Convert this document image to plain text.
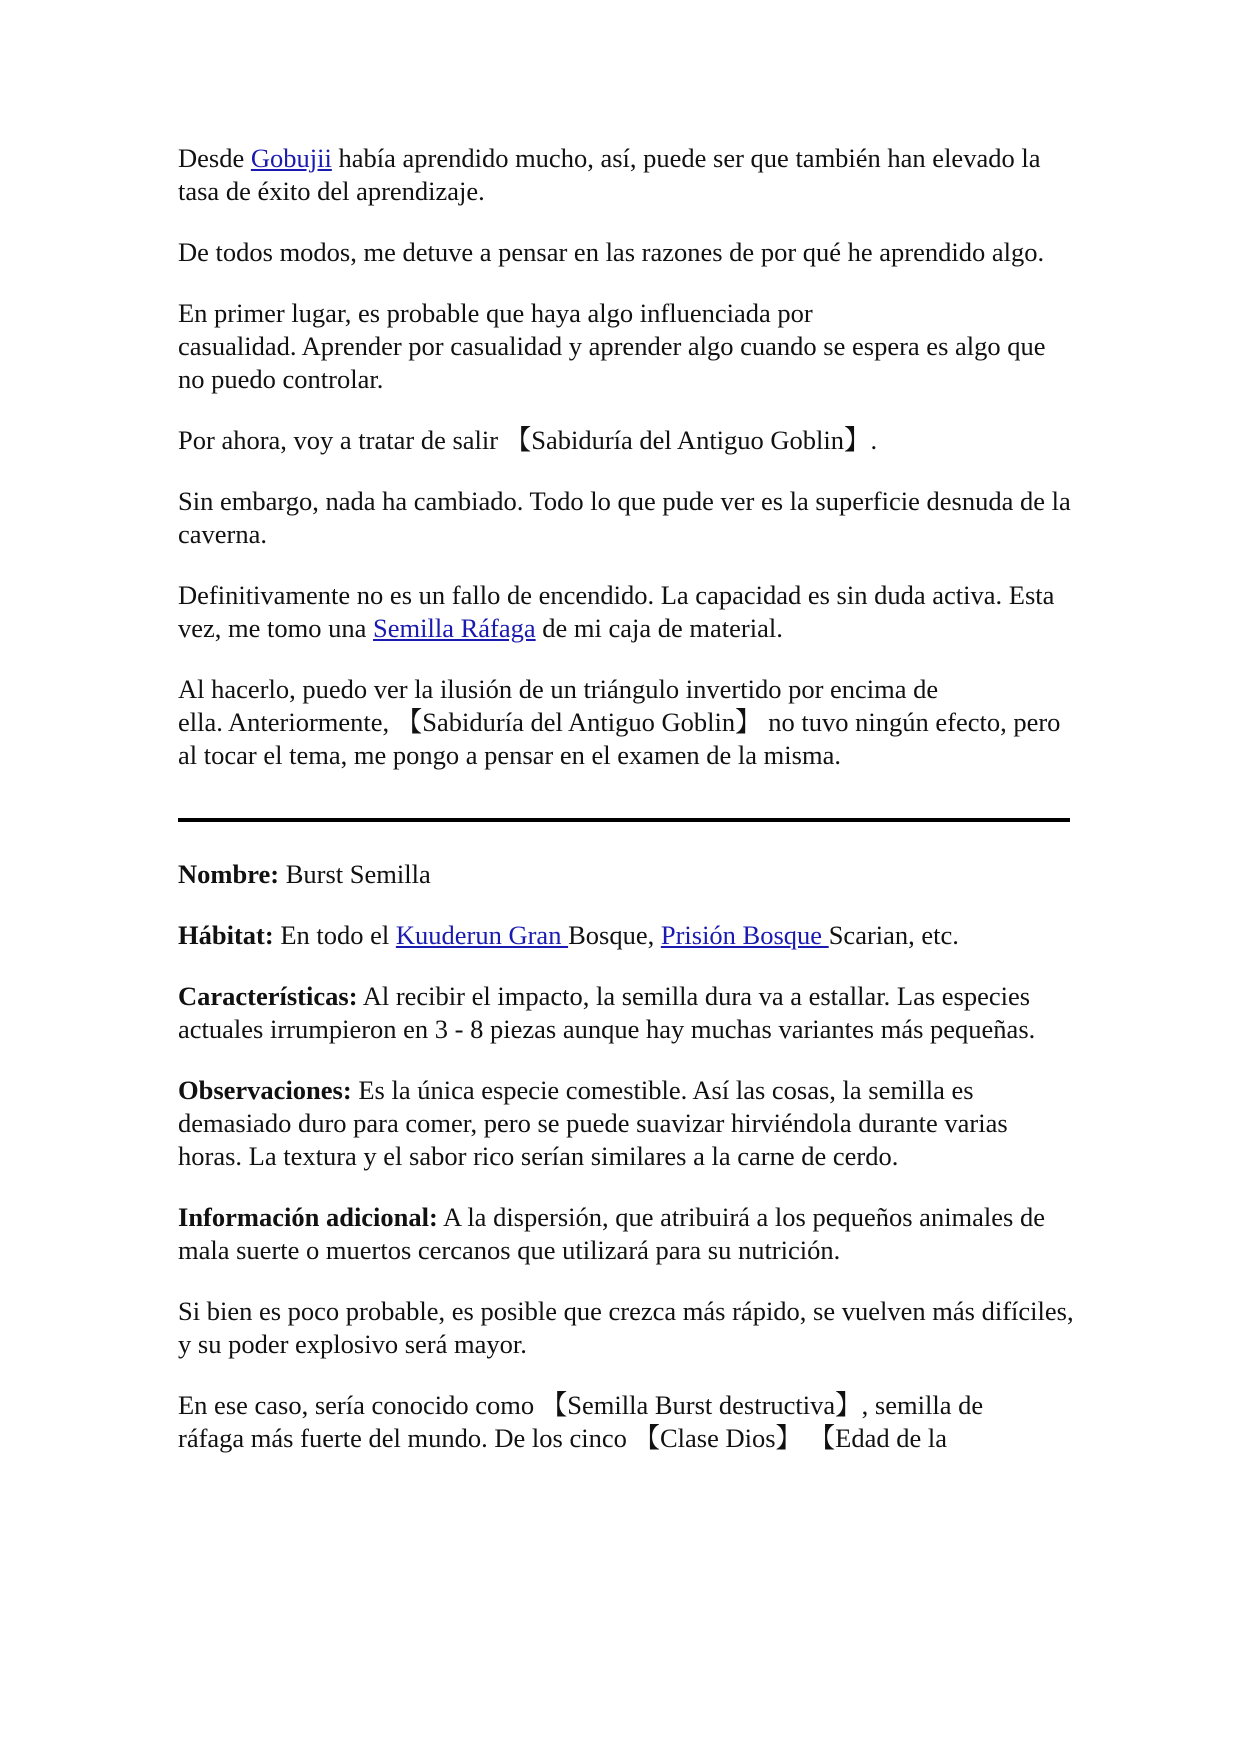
Desde Gobujii había aprendido mucho, así, puede ser que también han elevado la tasa de éxito del aprendizaje.

De todos modos, me detuve a pensar en las razones de por qué he aprendido algo.

En primer lugar, es probable que haya algo influenciada por
casualidad. Aprender por casualidad y aprender algo cuando se espera es algo que no puedo controlar.

Por ahora, voy a tratar de salir 【Sabiduría del Antiguo Goblin】.

Sin embargo, nada ha cambiado. Todo lo que pude ver es la superficie desnuda de la caverna.

Definitivamente no es un fallo de encendido. La capacidad es sin duda activa. Esta vez, me tomo una Semilla Ráfaga de mi caja de material.

Al hacerlo, puedo ver la ilusión de un triángulo invertido por encima de
ella. Anteriormente, 【Sabiduría del Antiguo Goblin】 no tuvo ningún efecto, pero al tocar el tema, me pongo a pensar en el examen de la misma.

Nombre: Burst Semilla

Hábitat: En todo el Kuuderun Gran Bosque, Prisión Bosque Scarian, etc.

Características: Al recibir el impacto, la semilla dura va a estallar. Las especies actuales irrumpieron en 3 - 8 piezas aunque hay muchas variantes más pequeñas.

Observaciones: Es la única especie comestible. Así las cosas, la semilla es demasiado duro para comer, pero se puede suavizar hirviéndola durante varias horas. La textura y el sabor rico serían similares a la carne de cerdo.

Información adicional: A la dispersión, que atribuirá a los pequeños animales de mala suerte o muertos cercanos que utilizará para su nutrición.

Si bien es poco probable, es posible que crezca más rápido, se vuelven más difíciles, y su poder explosivo será mayor.

En ese caso, sería conocido como 【Semilla Burst destructiva】, semilla de
ráfaga más fuerte del mundo. De los cinco 【Clase Dios】 【Edad de la
